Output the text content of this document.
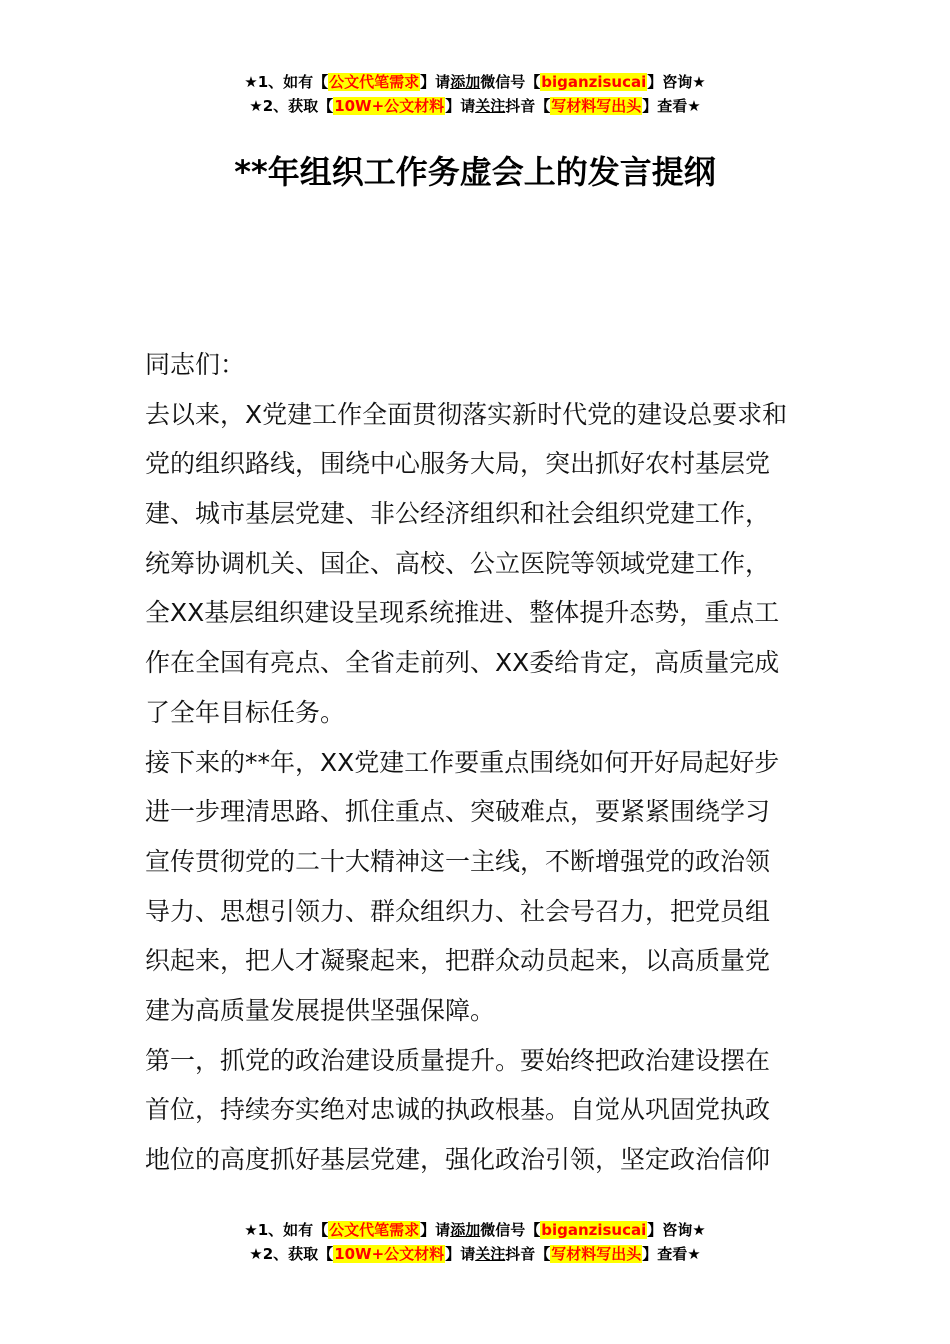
★1、如有【公文代笔需求】请添加微信号【biganzisucai】咨询★
★2、获取【10W+公文材料】请关注抖音【写材料写出头】查看★
**年组织工作务虚会上的发言提纲
同志们：
去以来，X党建工作全面贯彻落实新时代党的建设总要求和
党的组织路线，围绕中心服务大局，突出抓好农村基层党
建、城市基层党建、非公经济组织和社会组织党建工作，
统筹协调机关、国企、高校、公立医院等领域党建工作，
全XX基层组织建设呈现系统推进、整体提升态势，重点工
作在全国有亮点、全省走前列、XX委给肯定，高质量完成
了全年目标任务。
接下来的**年，XX党建工作要重点围绕如何开好局起好步
进一步理清思路、抓住重点、突破难点，要紧紧围绕学习
宣传贯彻党的二十大精神这一主线，不断增强党的政治领
导力、思想引领力、群众组织力、社会号召力，把党员组
织起来，把人才凝聚起来，把群众动员起来，以高质量党
建为高质量发展提供坚强保障。
第一，抓党的政治建设质量提升。要始终把政治建设摆在
首位，持续夯实绝对忠诚的执政根基。自觉从巩固党执政
地位的高度抓好基层党建，强化政治引领，坚定政治信仰
★1、如有【公文代笔需求】请添加微信号【biganzisucai】咨询★
★2、获取【10W+公文材料】请关注抖音【写材料写出头】查看★
